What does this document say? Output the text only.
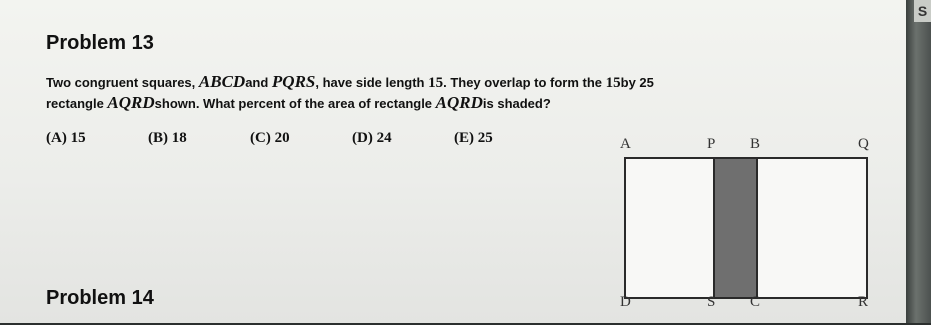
Problem 13
Two congruent squares, ABCDand PQRS, have side length 15. They overlap to form the 15by 25
rectangle AQRDshown. What percent of the area of rectangle AQRDis shaded?
(A) 15	(B) 18	(C) 20	(D) 24	(E) 25	A	P B	Q
D	S C	R
Problem 14
S
